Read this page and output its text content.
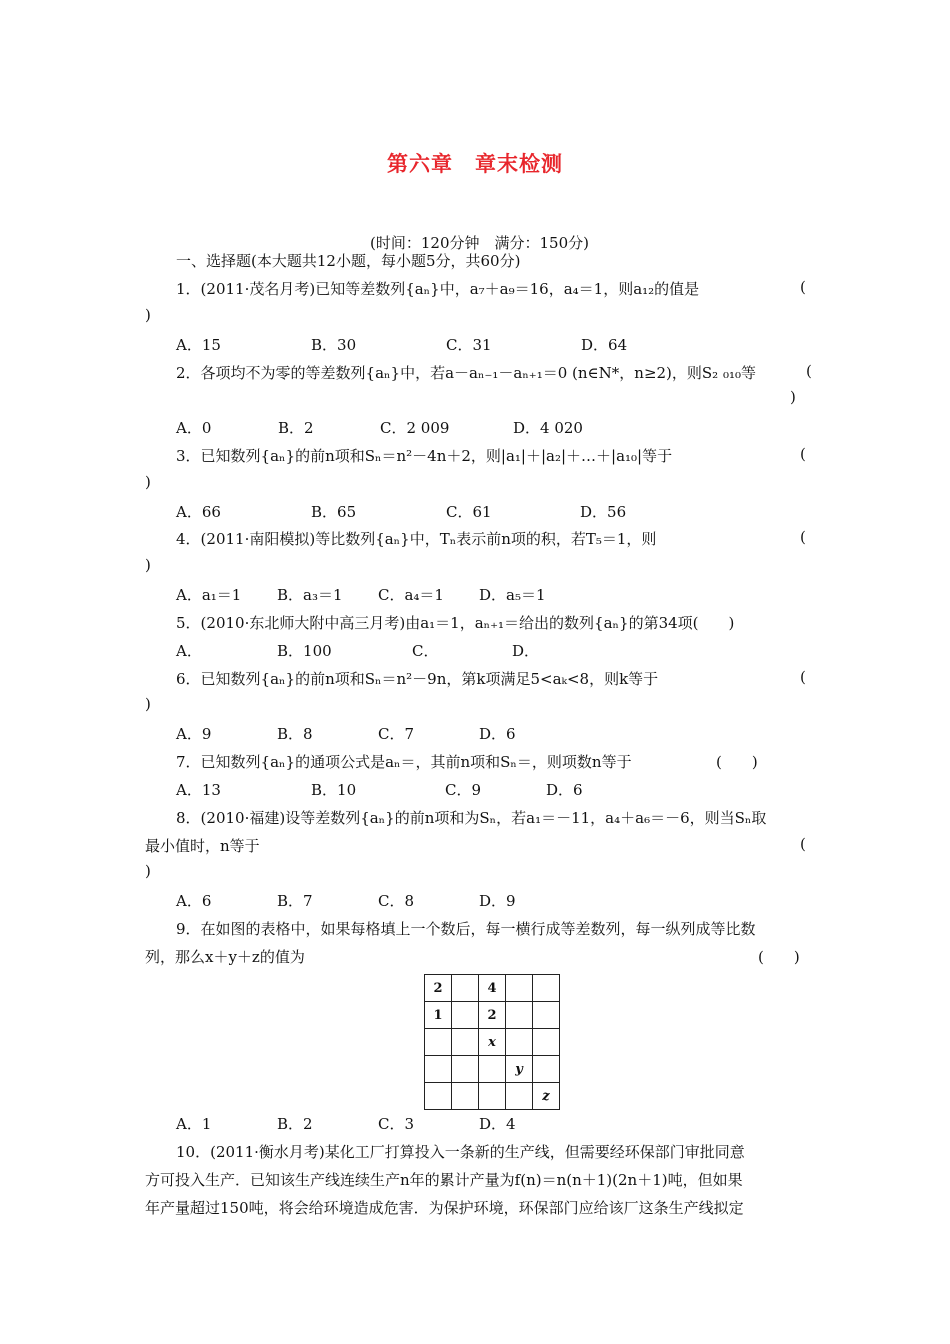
第六章　章末检测
(时间：120分钟　满分：150分)
一、选择题(本大题共12小题，每小题5分，共60分)
1．(2011·茂名月考)已知等差数列{aₙ}中，a₇＋a₉＝16，a₄＝1，则a₁₂的值是	(
)
A．15	B．30	C．31	D．64
2．各项均不为零的等差数列{aₙ}中，若a－aₙ₋₁－aₙ₊₁＝0 (n∈N*，n≥2)，则S₂ ₀₁₀等	(
)
A．0	B．2	C．2 009	D．4 020
3．已知数列{aₙ}的前n项和Sₙ＝n²－4n＋2，则|a₁|＋|a₂|＋…＋|a₁₀|等于	(
)
A．66	B．65	C．61	D．56
4．(2011·南阳模拟)等比数列{aₙ}中，Tₙ表示前n项的积，若T₅＝1，则	(
)
A．a₁＝1 B．a₃＝1 C．a₄＝1 D．a₅＝1
5．(2010·东北师大附中高三月考)由a₁＝1，aₙ₊₁＝给出的数列{aₙ}的第34项(　　)
A．	B．100	C．	D．
6．已知数列{aₙ}的前n项和Sₙ＝n²－9n，第k项满足5<aₖ<8，则k等于	(
)
A．9	B．8	C．7	D．6
7．已知数列{aₙ}的通项公式是aₙ＝，其前n项和Sₙ＝，则项数n等于	(　　)
A．13	B．10	C．9	D．6
8．(2010·福建)设等差数列{aₙ}的前n项和为Sₙ，若a₁＝－11，a₄＋a₆＝－6，则当Sₙ取
最小值时，n等于	(
)
A．6	B．7	C．8	D．9
9．在如图的表格中，如果每格填上一个数后，每一横行成等差数列，每一纵列成等比数
列，那么x＋y＋z的值为	(　　)
2		4		
1		2		
		x		
			y	
				z
A．1	B．2	C．3	D．4
10．(2011·衡水月考)某化工厂打算投入一条新的生产线，但需要经环保部门审批同意
方可投入生产．已知该生产线连续生产n年的累计产量为f(n)＝n(n＋1)(2n＋1)吨，但如果
年产量超过150吨，将会给环境造成危害．为保护环境，环保部门应给该厂这条生产线拟定
